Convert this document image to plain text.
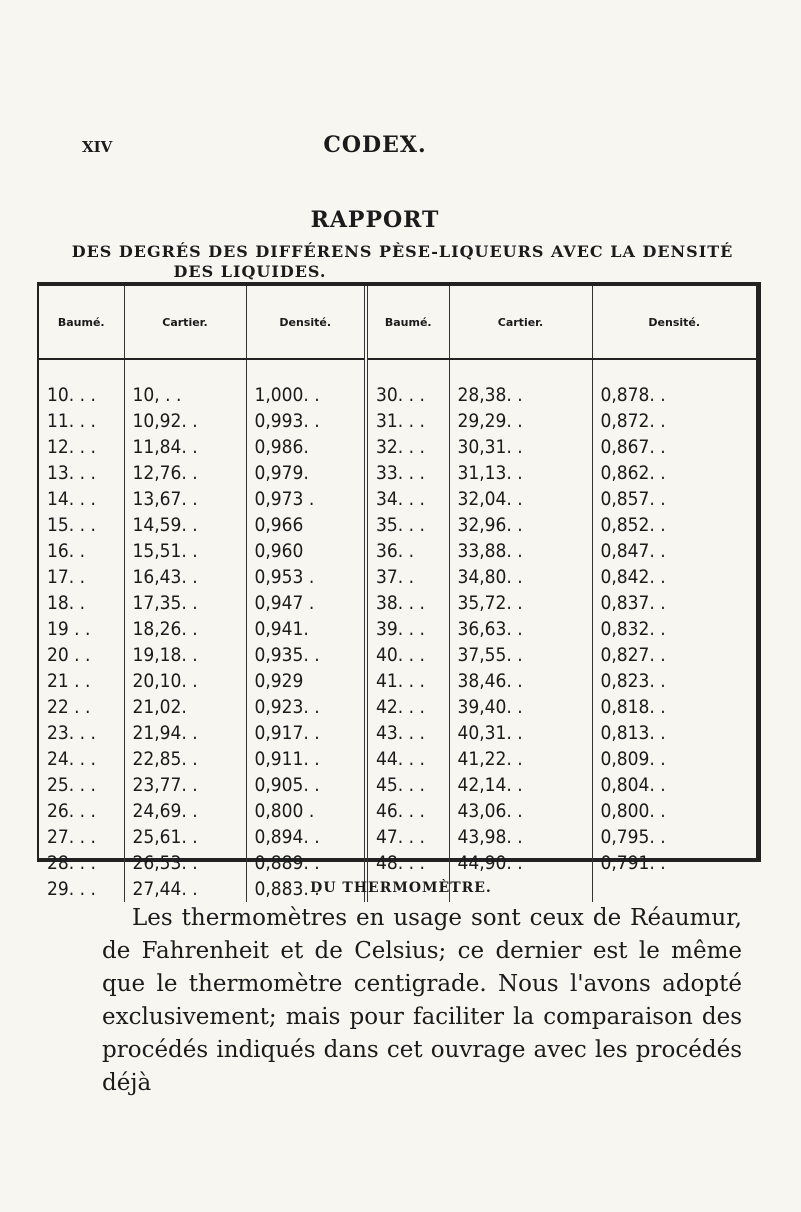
XIV	CODEX.
RAPPORT
DES DEGRÉS DES DIFFÉRENS PÈSE-LIQUEURS AVEC LA DENSITÉ
DES LIQUIDES.
Baumé.	Cartier.	Densité.	Baumé.	Cartier.	Densité.
10. . .	10, . .	1,000. .	30. . .	28,38. .	0,878. .
11. . .	10,92. .	0,993. .	31. . .	29,29. .	0,872. .
12. . .	11,84. .	0,986.	32. . .	30,31. .	0,867. .
13. . .	12,76. .	0,979.	33. . .	31,13. .	0,862. .
14. . .	13,67. .	0,973 .	34. . .	32,04. .	0,857. .
15. . .	14,59. .	0,966	35. . .	32,96. .	0,852. .
16. .	15,51. .	0,960	36. .	33,88. .	0,847. .
17. .	16,43. .	0,953 .	37. .	34,80. .	0,842. .
18. .	17,35. .	0,947 .	38. . .	35,72. .	0,837. .
19 . .	18,26. .	0,941.	39. . .	36,63. .	0,832. .
20 . .	19,18. .	0,935. .	40. . .	37,55. .	0,827. .
21 . .	20,10. .	0,929	41. . .	38,46. .	0,823. .
22 . .	21,02.	0,923. .	42. . .	39,40. .	0,818. .
23. . .	21,94. .	0,917. .	43. . .	40,31. .	0,813. .
24. . .	22,85. .	0,911. .	44. . .	41,22. .	0,809. .
25. . .	23,77. .	0,905. .	45. . .	42,14. .	0,804. .
26. . .	24,69. .	0,800 .	46. . .	43,06. .	0,800. .
27. . .	25,61. .	0,894. .	47. . .	43,98. .	0,795. .
28. . .	26,53. .	0,889. .	48. . .	44,90. .	0,791. .
29. . .	27,44. .	0,883. .			

DU THERMOMÈTRE.

Les thermomètres en usage sont ceux de Réaumur, de Fahrenheit et de Celsius; ce dernier est le même que le thermomètre centigrade. Nous l'avons adopté exclusivement; mais pour faciliter la comparaison des procédés indiqués dans cet ouvrage avec les procédés déjà
